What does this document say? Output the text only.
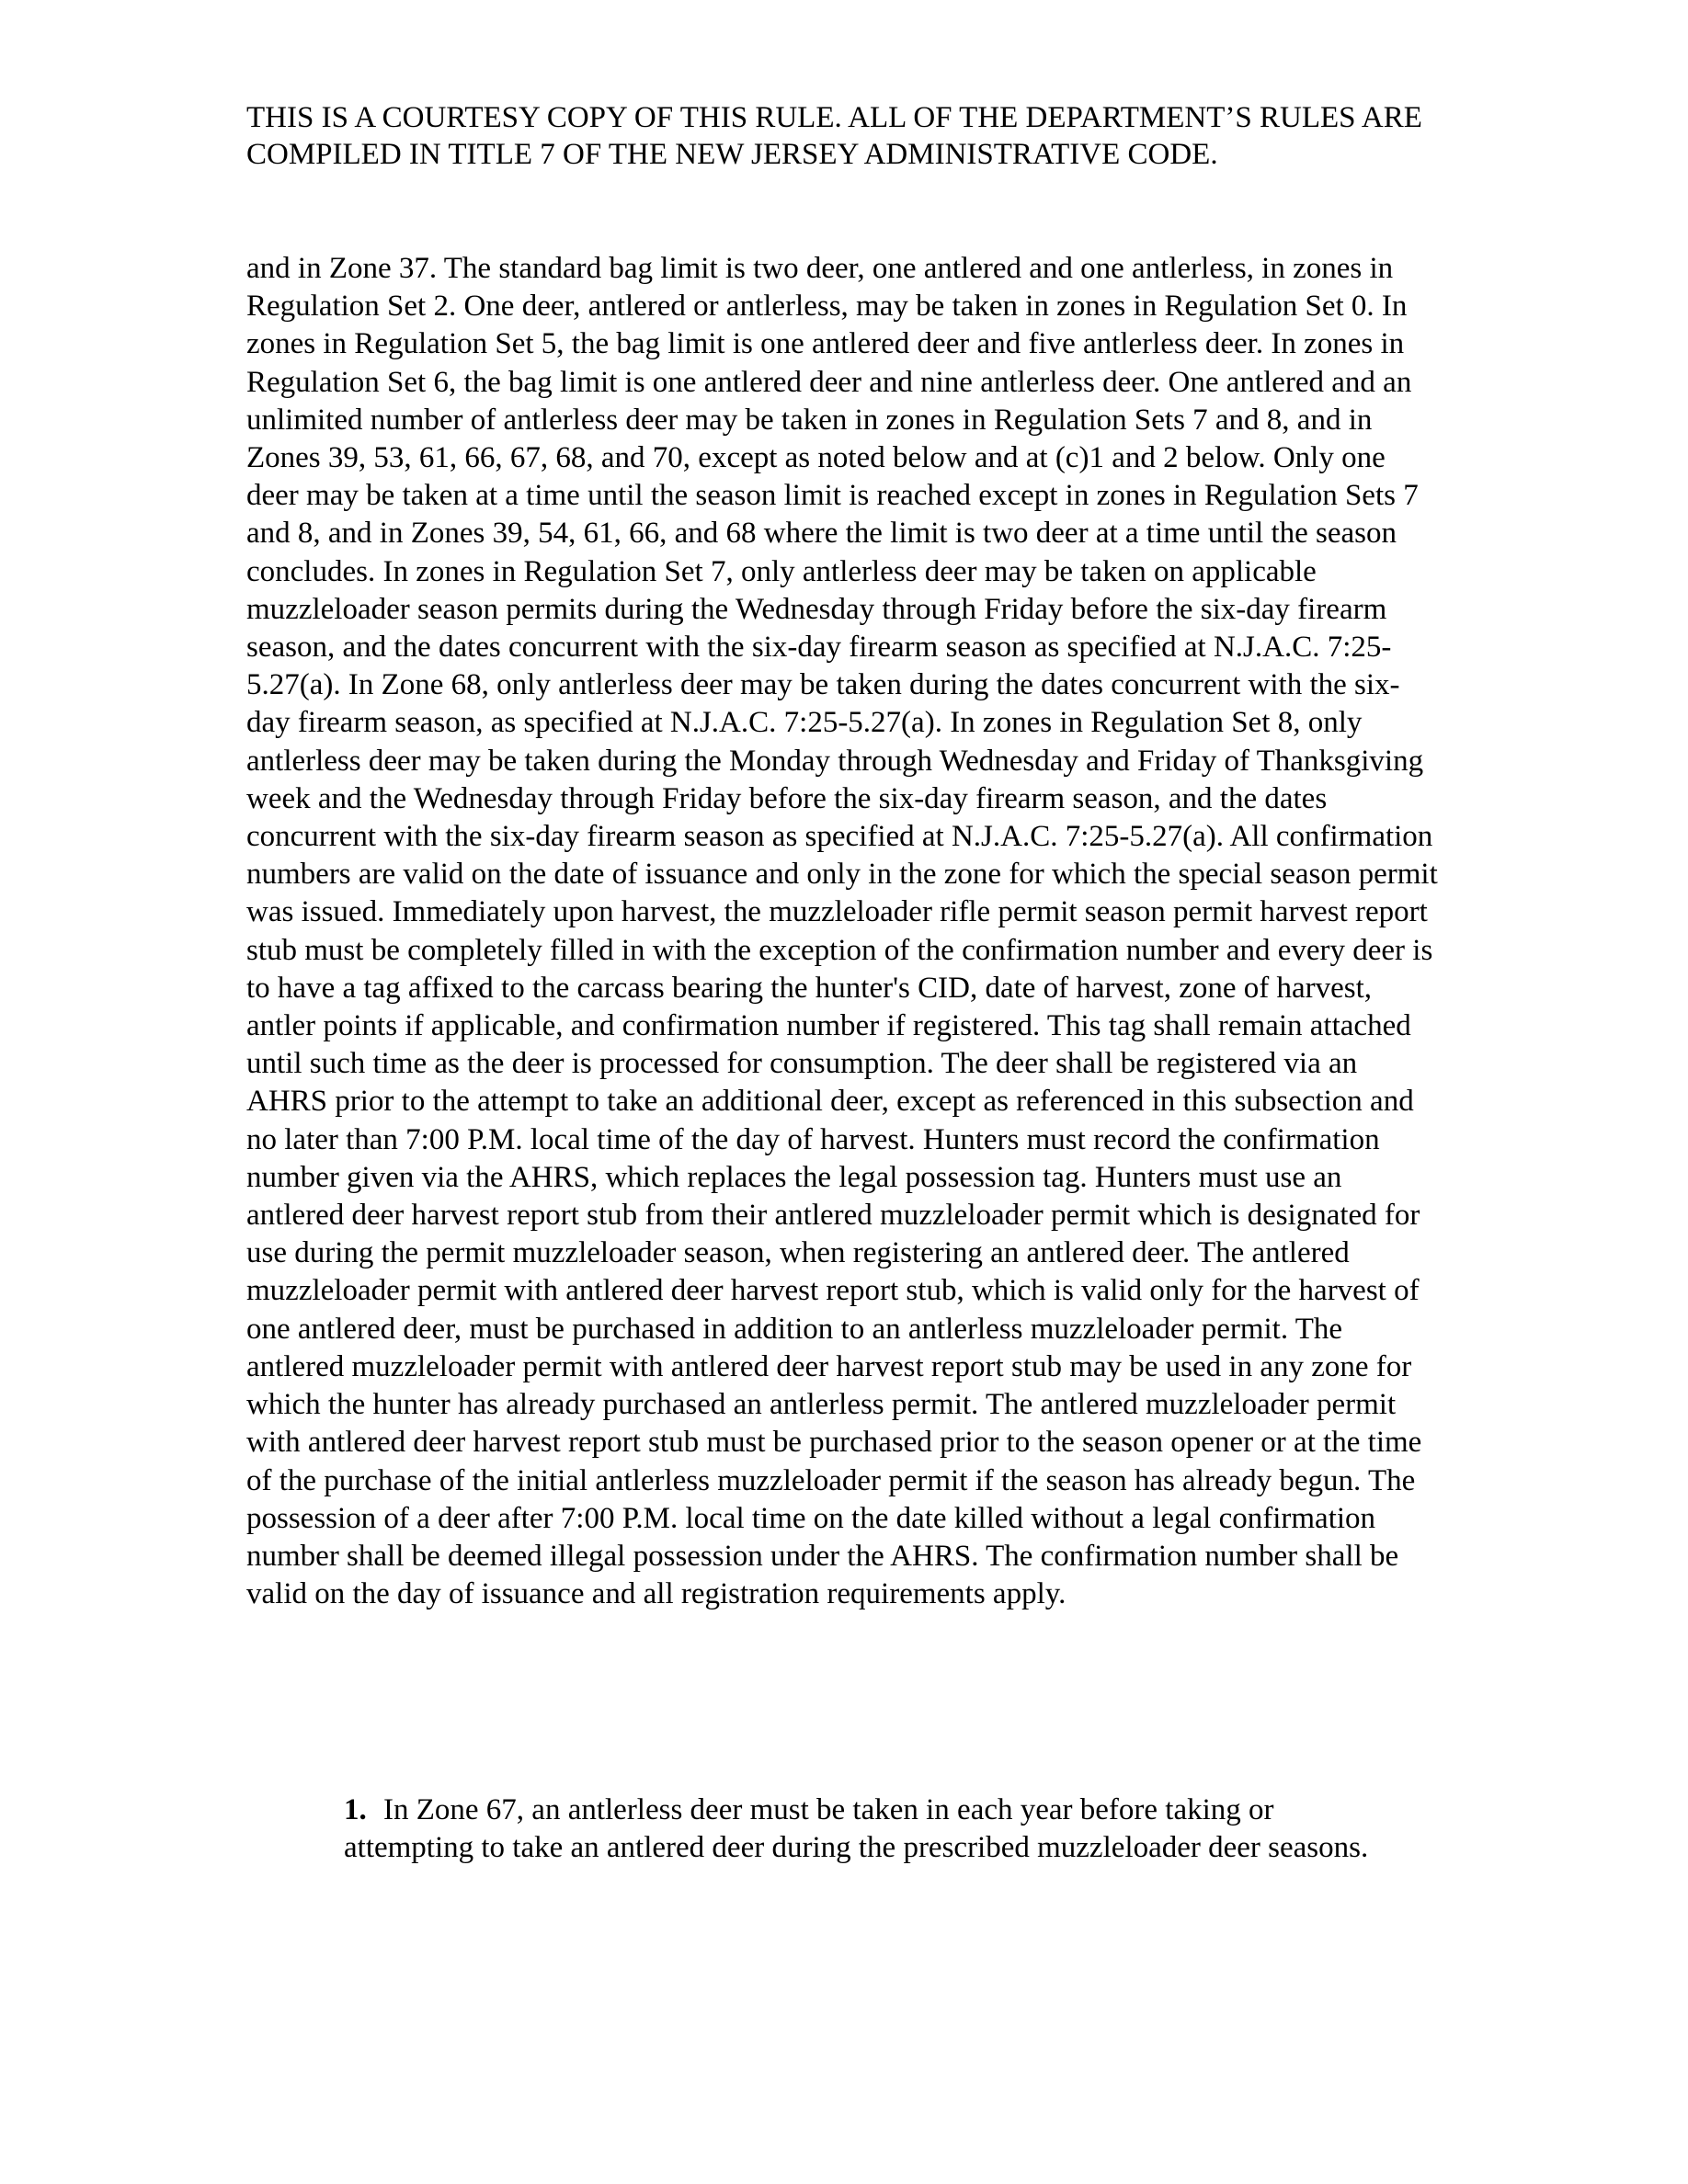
THIS IS A COURTESY COPY OF THIS RULE. ALL OF THE DEPARTMENT’S RULES ARE COMPILED IN TITLE 7 OF THE NEW JERSEY ADMINISTRATIVE CODE.

and in Zone 37. The standard bag limit is two deer, one antlered and one antlerless, in zones in Regulation Set 2. One deer, antlered or antlerless, may be taken in zones in Regulation Set 0. In zones in Regulation Set 5, the bag limit is one antlered deer and five antlerless deer. In zones in Regulation Set 6, the bag limit is one antlered deer and nine antlerless deer. One antlered and an unlimited number of antlerless deer may be taken in zones in Regulation Sets 7 and 8, and in Zones 39, 53, 61, 66, 67, 68, and 70, except as noted below and at (c)1 and 2 below. Only one deer may be taken at a time until the season limit is reached except in zones in Regulation Sets 7 and 8, and in Zones 39, 54, 61, 66, and 68 where the limit is two deer at a time until the season concludes. In zones in Regulation Set 7, only antlerless deer may be taken on applicable muzzleloader season permits during the Wednesday through Friday before the six-day firearm season, and the dates concurrent with the six-day firearm season as specified at N.J.A.C. 7:25-5.27(a). In Zone 68, only antlerless deer may be taken during the dates concurrent with the six-day firearm season, as specified at N.J.A.C. 7:25-5.27(a). In zones in Regulation Set 8, only antlerless deer may be taken during the Monday through Wednesday and Friday of Thanksgiving week and the Wednesday through Friday before the six-day firearm season, and the dates concurrent with the six-day firearm season as specified at N.J.A.C. 7:25-5.27(a). All confirmation numbers are valid on the date of issuance and only in the zone for which the special season permit was issued. Immediately upon harvest, the muzzleloader rifle permit season permit harvest report stub must be completely filled in with the exception of the confirmation number and every deer is to have a tag affixed to the carcass bearing the hunter's CID, date of harvest, zone of harvest, antler points if applicable, and confirmation number if registered. This tag shall remain attached until such time as the deer is processed for consumption. The deer shall be registered via an AHRS prior to the attempt to take an additional deer, except as referenced in this subsection and no later than 7:00 P.M. local time of the day of harvest. Hunters must record the confirmation number given via the AHRS, which replaces the legal possession tag. Hunters must use an antlered deer harvest report stub from their antlered muzzleloader permit which is designated for use during the permit muzzleloader season, when registering an antlered deer. The antlered muzzleloader permit with antlered deer harvest report stub, which is valid only for the harvest of one antlered deer, must be purchased in addition to an antlerless muzzleloader permit. The antlered muzzleloader permit with antlered deer harvest report stub may be used in any zone for which the hunter has already purchased an antlerless permit. The antlered muzzleloader permit with antlered deer harvest report stub must be purchased prior to the season opener or at the time of the purchase of the initial antlerless muzzleloader permit if the season has already begun. The possession of a deer after 7:00 P.M. local time on the date killed without a legal confirmation number shall be deemed illegal possession under the AHRS. The confirmation number shall be valid on the day of issuance and all registration requirements apply.

1. In Zone 67, an antlerless deer must be taken in each year before taking or attempting to take an antlered deer during the prescribed muzzleloader deer seasons.
